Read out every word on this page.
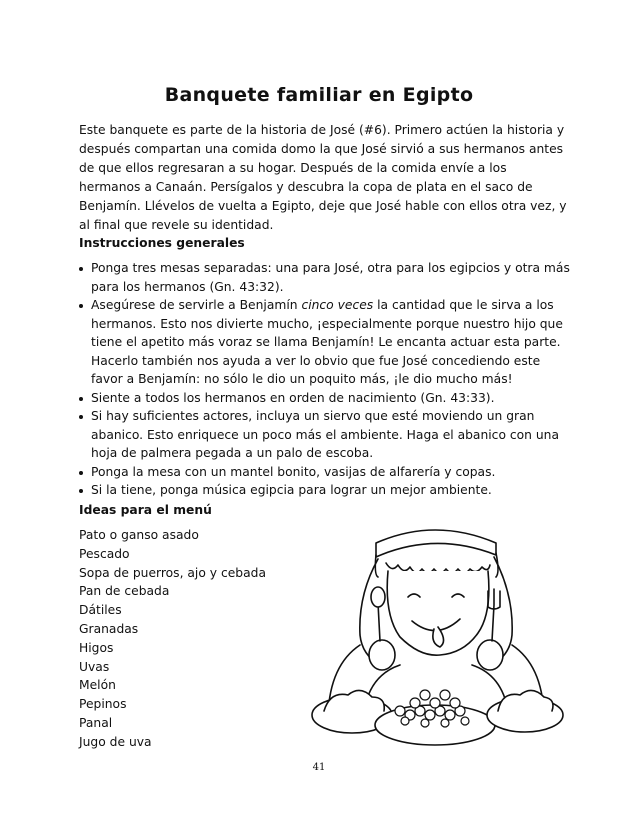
Banquete familiar en Egipto
Este banquete es parte de la historia de José (#6). Primero actúen la historia y después compartan una comida domo la que José sirvió a sus hermanos antes de que ellos regresaran a su hogar. Después de la comida envíe a los hermanos a Canaán. Persígalos y descubra la copa de plata en el saco de Benjamín. Llévelos de vuelta a Egipto, deje que José hable con ellos otra vez, y al final que revele su identidad.
Instrucciones generales
Ponga tres mesas separadas: una para José, otra para los egipcios y otra más para los hermanos (Gn. 43:32).
Asegúrese de servirle a Benjamín cinco veces la cantidad que le sirva a los hermanos. Esto nos divierte mucho, ¡especialmente porque nuestro hijo que tiene el apetito más voraz se llama Benjamín! Le encanta actuar esta parte. Hacerlo también nos ayuda a ver lo obvio que fue José concediendo este favor a Benjamín: no sólo le dio un poquito más, ¡le dio mucho más!
Siente a todos los hermanos en orden de nacimiento (Gn. 43:33).
Si hay suficientes actores, incluya un siervo que esté moviendo un gran abanico. Esto enriquece un poco más el ambiente. Haga el abanico con una hoja de palmera pegada a un palo de escoba.
Ponga la mesa con un mantel bonito, vasijas de alfarería y copas.
Si la tiene, ponga música egipcia para lograr un mejor ambiente.
Ideas para el menú
Pato o ganso asado
Pescado
Sopa de puerros, ajo y cebada
Pan de cebada
Dátiles
Granadas
Higos
Uvas
Melón
Pepinos
Panal
Jugo de uva
41
